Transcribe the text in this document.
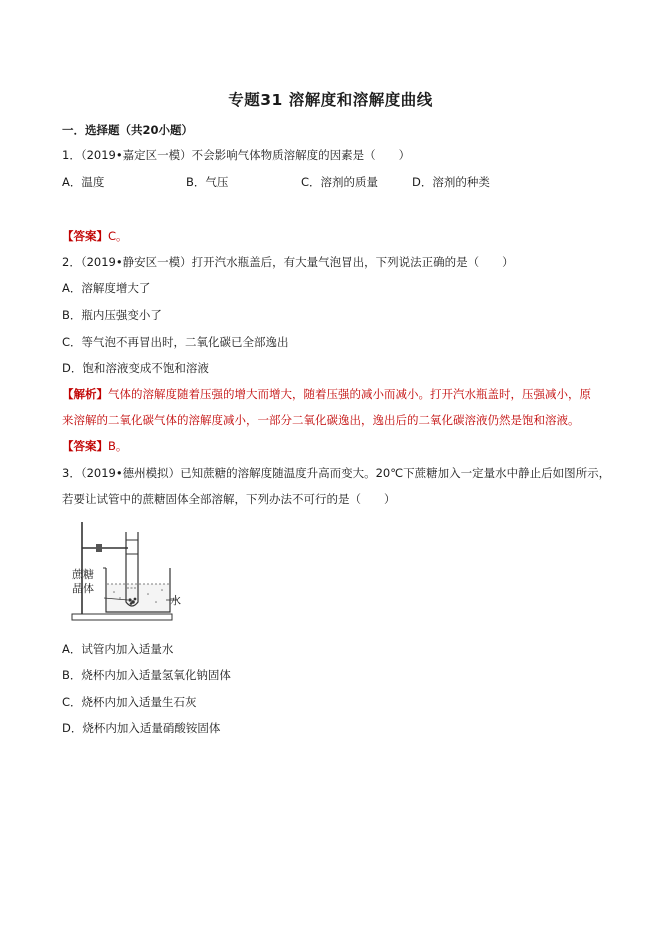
专题31 溶解度和溶解度曲线
一．选择题（共20小题）
1．（2019•嘉定区一模）不会影响气体物质溶解度的因素是（　　）
A．温度	B．气压	C．溶剂的质量	D．溶剂的种类
【答案】C。
2．（2019•静安区一模）打开汽水瓶盖后，有大量气泡冒出，下列说法正确的是（　　）
A．溶解度增大了
B．瓶内压强变小了
C．等气泡不再冒出时，二氧化碳已全部逸出
D．饱和溶液变成不饱和溶液
【解析】气体的溶解度随着压强的增大而增大，随着压强的减小而减小。打开汽水瓶盖时，压强减小，原
来溶解的二氧化碳气体的溶解度减小，一部分二氧化碳逸出，逸出后的二氧化碳溶液仍然是饱和溶液。
【答案】B。
3．（2019•德州模拟）已知蔗糖的溶解度随温度升高而变大。20℃下蔗糖加入一定量水中静止后如图所示，
若要让试管中的蔗糖固体全部溶解，下列办法不可行的是（　　）
蔗糖
晶体
水
A．试管内加入适量水
B．烧杯内加入适量氢氧化钠固体
C．烧杯内加入适量生石灰
D．烧杯内加入适量硝酸铵固体
